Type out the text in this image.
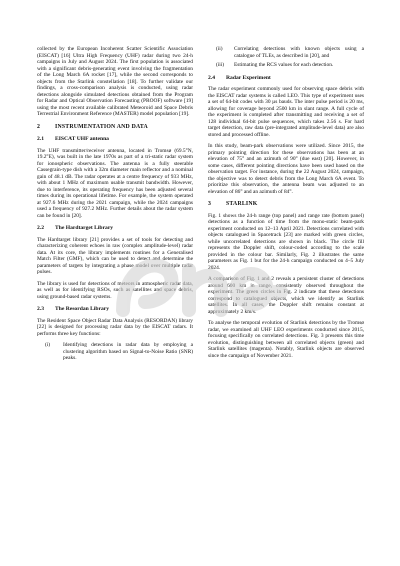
collected by the European Incoherent Scatter Scientific Association (EISCAT) [16] Ultra High Frequency (UHF) radar during two 24-h campaigns in July and August 2024. The first population is associated with a significant debris-generating event involving the fragmentation of the Long March 6A rocket [17], while the second corresponds to objects from the Starlink constellation [18]. To further validate our findings, a cross-comparison analysis is conducted, using radar detections alongside simulated detections obtained from the Program for Radar and Optical Observation Forecasting (PROOF) software [19] using the most recent available calibrated Meteoroid and Space Debris Terrestrial Environment Reference (MASTER) model population [19].

2	INSTRUMENTATION AND DATA
2.1 EISCAT UHF antenna

The UHF transmitter/receiver antenna, located in Tromsø (69.5°N, 19.2°E), was built in the late 1970s as part of a tri-static radar system for ionospheric observations. The antenna is a fully steerable Cassegrain-type dish with a 32m diameter main reflector and a nominal gain of 48.1 dB. The radar operates at a centre frequency of 933 MHz, with about 1 MHz of maximum usable transmit bandwidth. However, due to interference, its operating frequency has been adjusted several times during its operational lifetime. For example, the system operated at 927.6 MHz during the 2021 campaign, while the 2024 campaigns used a frequency of 927.2 MHz. Further details about the radar system can be found in [20].

2.2 The Hardtarget Library

The Hardtarget library [21] provides a set of tools for detecting and characterizing coherent echoes in raw (complex amplitude-level) radar data. At its core, the library implements routines for a Generalised Match Filter (GMF), which can be used to detect and determine the parameters of targets by integrating a phase model over multiple radar pulses.

The library is used for detections of meteors in atmospheric radar data, as well as for identifying RSOs, such as satellites and space debris, using ground-based radar systems.

2.3 The Resordan Library

The Resident Space Object Radar Data Analysis (RESORDAN) library [22] is designed for processing radar data by the EISCAT radars. It performs three key functions:

(i)	Identifying detections in radar data by employing a clustering algorithm based on Signal-to-Noise Ratio (SNR) peaks.
(ii)	Correlating detections with known objects using a catalogue of TLEs, as described in [20], and
(iii)	Estimating the RCS values for each detection.
2.4 Radar Experiment

The radar experiment commonly used for observing space debris with the EISCAT radar systems is called LEO. This type of experiment uses a set of 64-bit codes with 30 µs bauds. The inter pulse period is 20 ms, allowing for coverage beyond 2500 km in slant range. A full cycle of the experiment is completed after transmitting and receiving a set of 128 individual 64-bit pulse sequences, which takes 2.56 s. For hard target detection, raw data (pre-integrated amplitude-level data) are also stored and processed offline.

In this study, beam-park observations were utilized. Since 2015, the primary pointing direction for these observations has been at an elevation of 75° and an azimuth of 90° (due east) [20]. However, in some cases, different pointing directions have been used based on the observation target. For instance, during the 22 August 2024, campaign, the objective was to detect debris from the Long March 6A event. To prioritize this observation, the antenna beam was adjusted to an elevation of 86° and an azimuth of 84°.

3	STARLINK

Fig. 1 shows the 24-h range (top panel) and range rate (bottom panel) detections as a function of time from the mono-static beam-park experiment conducted on 12–13 April 2021. Detections correlated with objects catalogued in Spacetrack [23] are marked with green circles, while uncorrelated detections are shown in black. The circle fill represents the Doppler shift, colour-coded according to the scale provided in the colour bar. Similarly, Fig. 2 illustrates the same parameters as Fig. 1 but for the 24-h campaign conducted on 4–5 July 2024.

A comparison of Fig. 1 and 2 reveals a persistent cluster of detections around 600 km in range, consistently observed throughout the experiment. The green circles in Fig. 2 indicate that these detections correspond to catalogued objects, which we identify as Starlink satellites. In all cases, the Doppler shift remains constant at approximately 2 km/s.

To analyse the temporal evolution of Starlink detections by the Tromsø radar, we examined all UHF LEO experiments conducted since 2015, focusing specifically on correlated detections. Fig. 3 presents this time evolution, distinguishing between all correlated objects (green) and Starlink satellites (magenta). Notably, Starlink objects are observed since the campaign of November 2021.
